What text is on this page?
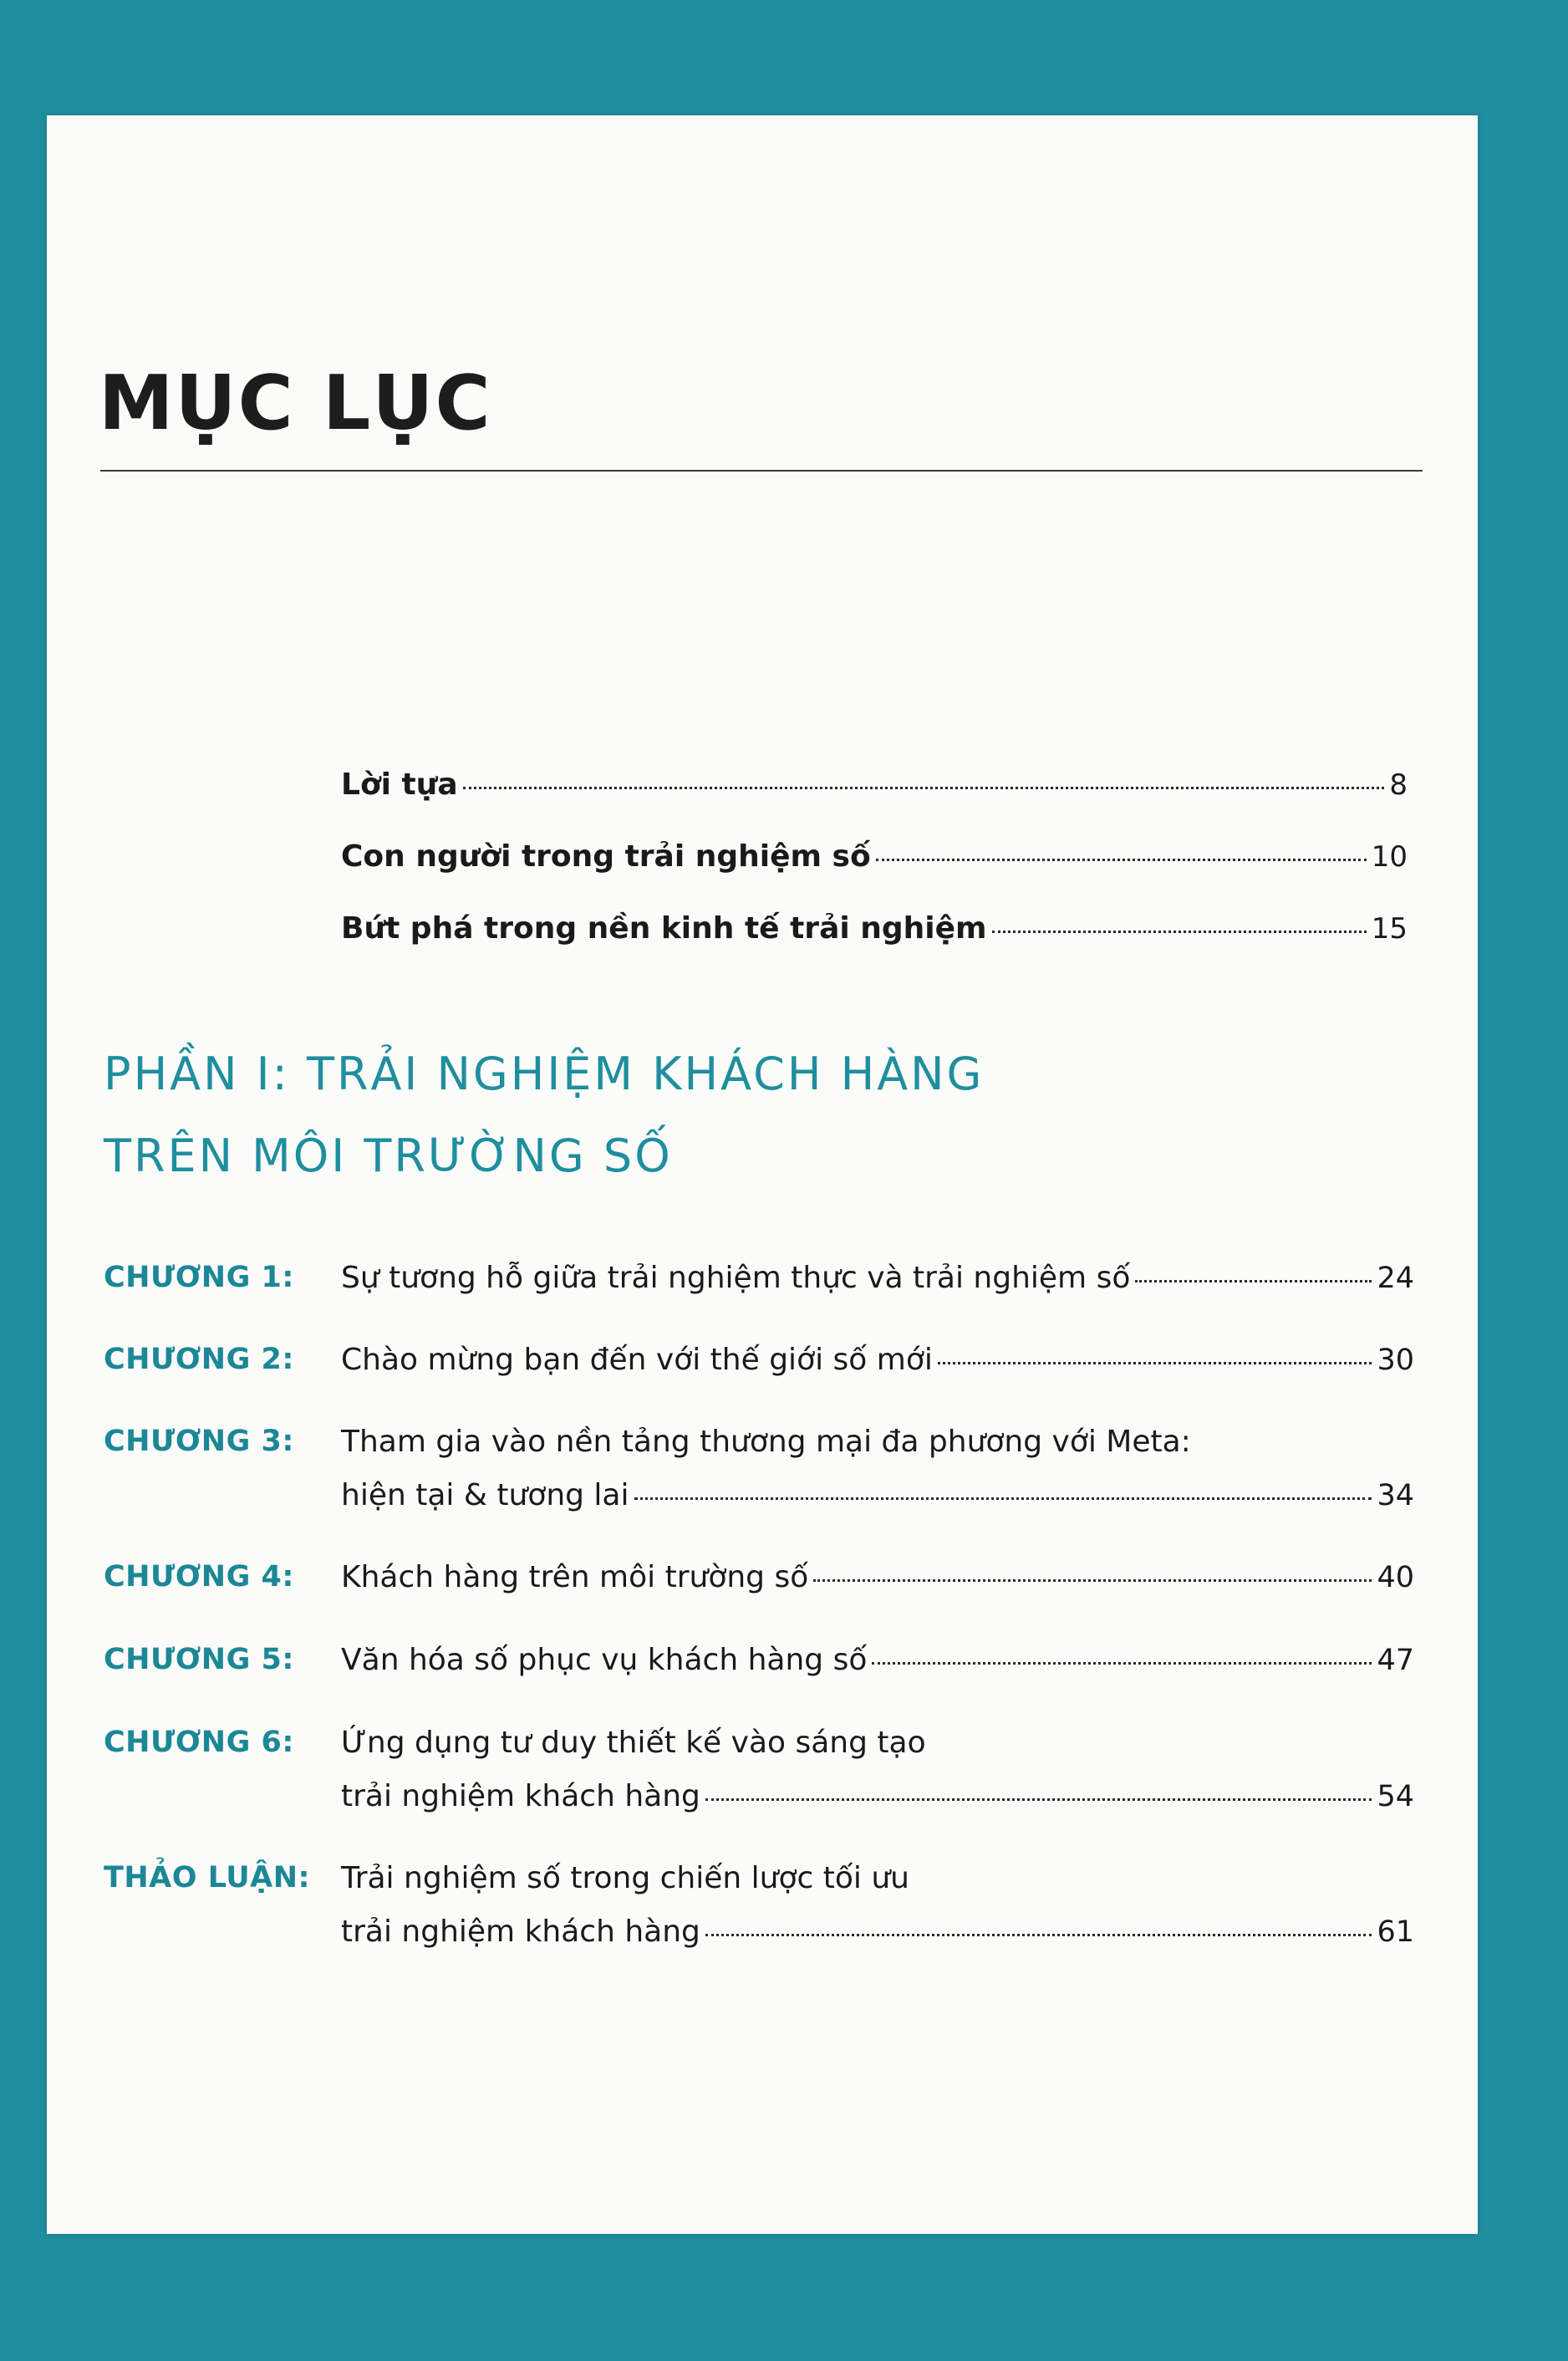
MỤC LỤC
Lời tựa	8
Con người trong trải nghiệm số	10
Bứt phá trong nền kinh tế trải nghiệm	15
PHẦN I: TRẢI NGHIỆM KHÁCH HÀNG
TRÊN MÔI TRƯỜNG SỐ
CHƯƠNG 1: Sự tương hỗ giữa trải nghiệm thực và trải nghiệm số	24
CHƯƠNG 2: Chào mừng bạn đến với thế giới số mới	30
CHƯƠNG 3: Tham gia vào nền tảng thương mại đa phương với Meta:
hiện tại & tương lai	34
CHƯƠNG 4: Khách hàng trên môi trường số	40
CHƯƠNG 5: Văn hóa số phục vụ khách hàng số	47
CHƯƠNG 6: Ứng dụng tư duy thiết kế vào sáng tạo
trải nghiệm khách hàng	54
THẢO LUẬN: Trải nghiệm số trong chiến lược tối ưu
trải nghiệm khách hàng	61
